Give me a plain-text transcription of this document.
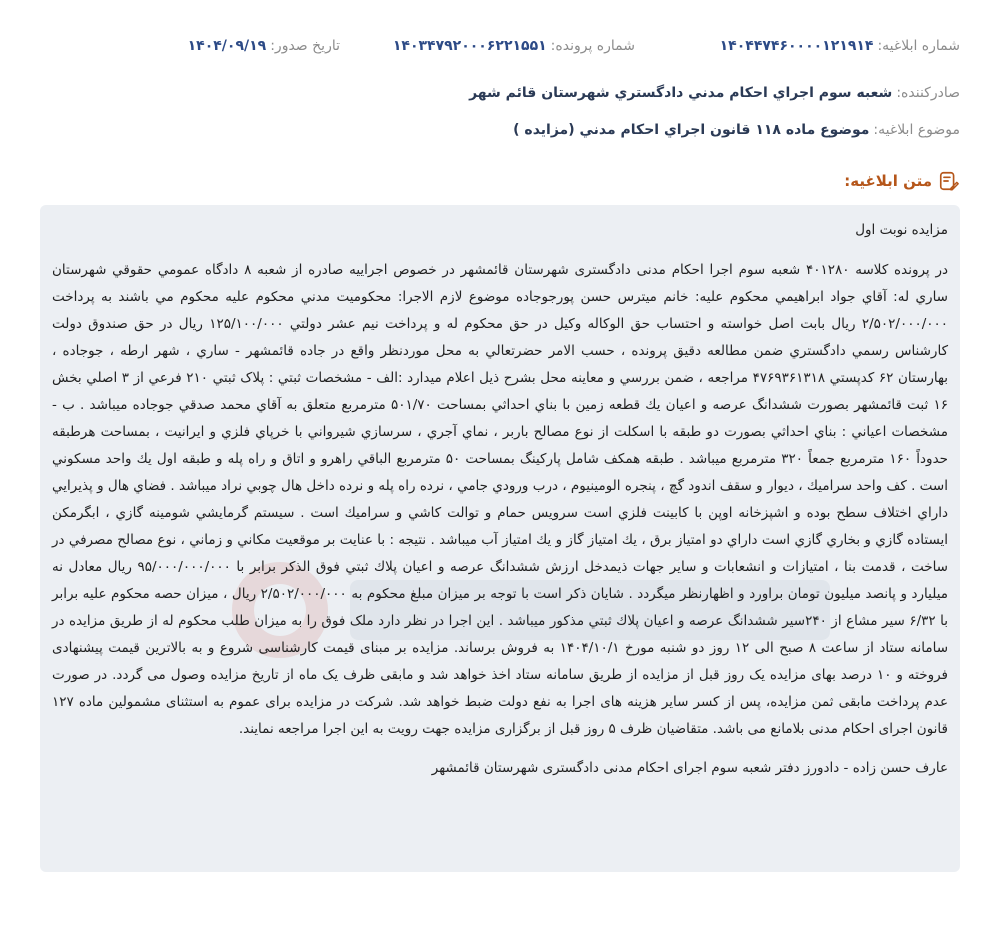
شماره ابلاغیه:
۱۴۰۴۴۷۴۶۰۰۰۰۱۲۱۹۱۴
شماره پرونده:
۱۴۰۳۴۷۹۲۰۰۰۶۲۲۱۵۵۱
تاریخ صدور:
۱۴۰۴/۰۹/۱۹
صادرکننده:
شعبه سوم اجراي احكام مدني دادگستري شهرستان قائم شهر
موضوع ابلاغیه:
موضوع ماده ۱۱۸ قانون اجراي احكام مدني (مزايده )
متن ابلاغیه:

مزایده نوبت اول

در پرونده کلاسه ۴۰۱۲۸۰ شعبه سوم اجرا احکام مدنی دادگستری شهرستان قائمشهر در خصوص اجراییه صادره از شعبه ۸ دادگاه عمومي حقوقي شهرستان ساري له: آقاي جواد ابراهيمي محکوم عليه: خانم ميترس حسن پورجوجاده موضوع لازم الاجرا: محکوميت مدني محکوم عليه محکوم مي باشند به پرداخت ۲/۵۰۲/۰۰۰/۰۰۰ ريال بابت اصل خواسته و احتساب حق الوکاله وکيل در حق محکوم له و پرداخت نيم عشر دولتي ۱۲۵/۱۰۰/۰۰۰ ريال در حق صندوق دولت کارشناس رسمي دادگستري ضمن مطالعه دقيق پرونده ، حسب الامر حضرتعالي به محل موردنظر واقع در جاده قائمشهر - ساري ، شهر ارطه ، جوجاده ، بهارستان ۶۲ کدپستي ۴۷۶۹۳۶۱۳۱۸ مراجعه ، ضمن بررسي و معاينه محل بشرح ذيل اعلام ميدارد :الف - مشخصات ثبتي : پلاک ثبتي ۲۱۰ فرعي از ۳ اصلي بخش ۱۶ ثبت قائمشهر بصورت ششدانگ عرصه و اعيان يك قطعه زمين با بناي احداثي بمساحت ۵۰۱/۷۰ مترمربع متعلق به آقاي محمد صدقي جوجاده ميباشد . ب - مشخصات اعياني : بناي احداثي بصورت دو طبقه با اسکلت از نوع مصالح باربر ، نماي آجري ، سرسازي شيرواني با خرپاي فلزي و ايرانيت ، بمساحت هرطبقه حدوداً ۱۶۰ مترمربع جمعاً ۳۲۰ مترمربع ميباشد . طبقه همکف شامل پارکينگ بمساحت ۵۰ مترمربع الباقي راهرو و اتاق و راه پله و طبقه اول يك واحد مسكوني است . كف واحد سراميك ، ديوار و سقف اندود گچ ، پنجره الومينيوم ، درب ورودي جامي ، نرده راه پله و نرده داخل هال چوبي نراد ميباشد . فضاي هال و پذيرايي داراي اختلاف سطح بوده و اشپزخانه اوپن با كابينت فلزي است سرويس حمام و توالت كاشي و سراميك است . سيستم گرمايشي شومينه گازي ، ابگرمكن ايستاده گازي و بخاري گازي است داراي دو امتياز برق ، يك امتياز گاز و يك امتياز آب ميباشد . نتيجه : با عنايت بر موقعيت مكاني و زماني ، نوع مصالح مصرفي در ساخت ، قدمت بنا ، امتيازات و انشعابات و ساير جهات ذيمدخل ارزش ششدانگ عرصه و اعيان پلاك ثبتي فوق الذكر برابر با ۹۵/۰۰۰/۰۰۰/۰۰۰ ريال معادل نه ميليارد و پانصد ميليون تومان براورد و اظهارنظر ميگردد . شايان ذکر است با توجه بر ميزان مبلغ محکوم به ۲/۵۰۲/۰۰۰/۰۰۰ ريال ، ميزان حصه محکوم عليه برابر با ۶/۳۲ سير مشاع از ۲۴۰سير ششدانگ عرصه و اعيان پلاك ثبتي مذكور ميباشد . اين اجرا در نظر دارد ملک فوق را به ميزان طلب محکوم له از طريق مزايده در سامانه ستاد از ساعت ۸ صبح الی ۱۲ روز دو شنبه مورخ ۱۴۰۴/۱۰/۱ به فروش برساند. مزايده بر مبنای قيمت کارشناسی شروع و به بالاترين قيمت پيشنهادی فروخته و ۱۰ درصد بهای مزايده يک روز قبل از مزايده از طريق سامانه ستاد اخذ خواهد شد و مابقی ظرف يک ماه از تاريخ مزايده وصول می گردد. در صورت عدم پرداخت مابقی ثمن مزايده، پس از کسر ساير هزينه های اجرا به نفع دولت ضبط خواهد شد. شرکت در مزايده برای عموم به استثنای مشمولين ماده ۱۲۷ قانون اجرای احکام مدنی بلامانع می باشد. متقاضيان ظرف ۵ روز قبل از برگزاری مزايده جهت رويت به اين اجرا مراجعه نمايند.

عارف حسن زاده - دادورز دفتر شعبه سوم اجرای احکام مدنی دادگستری شهرستان قائمشهر
